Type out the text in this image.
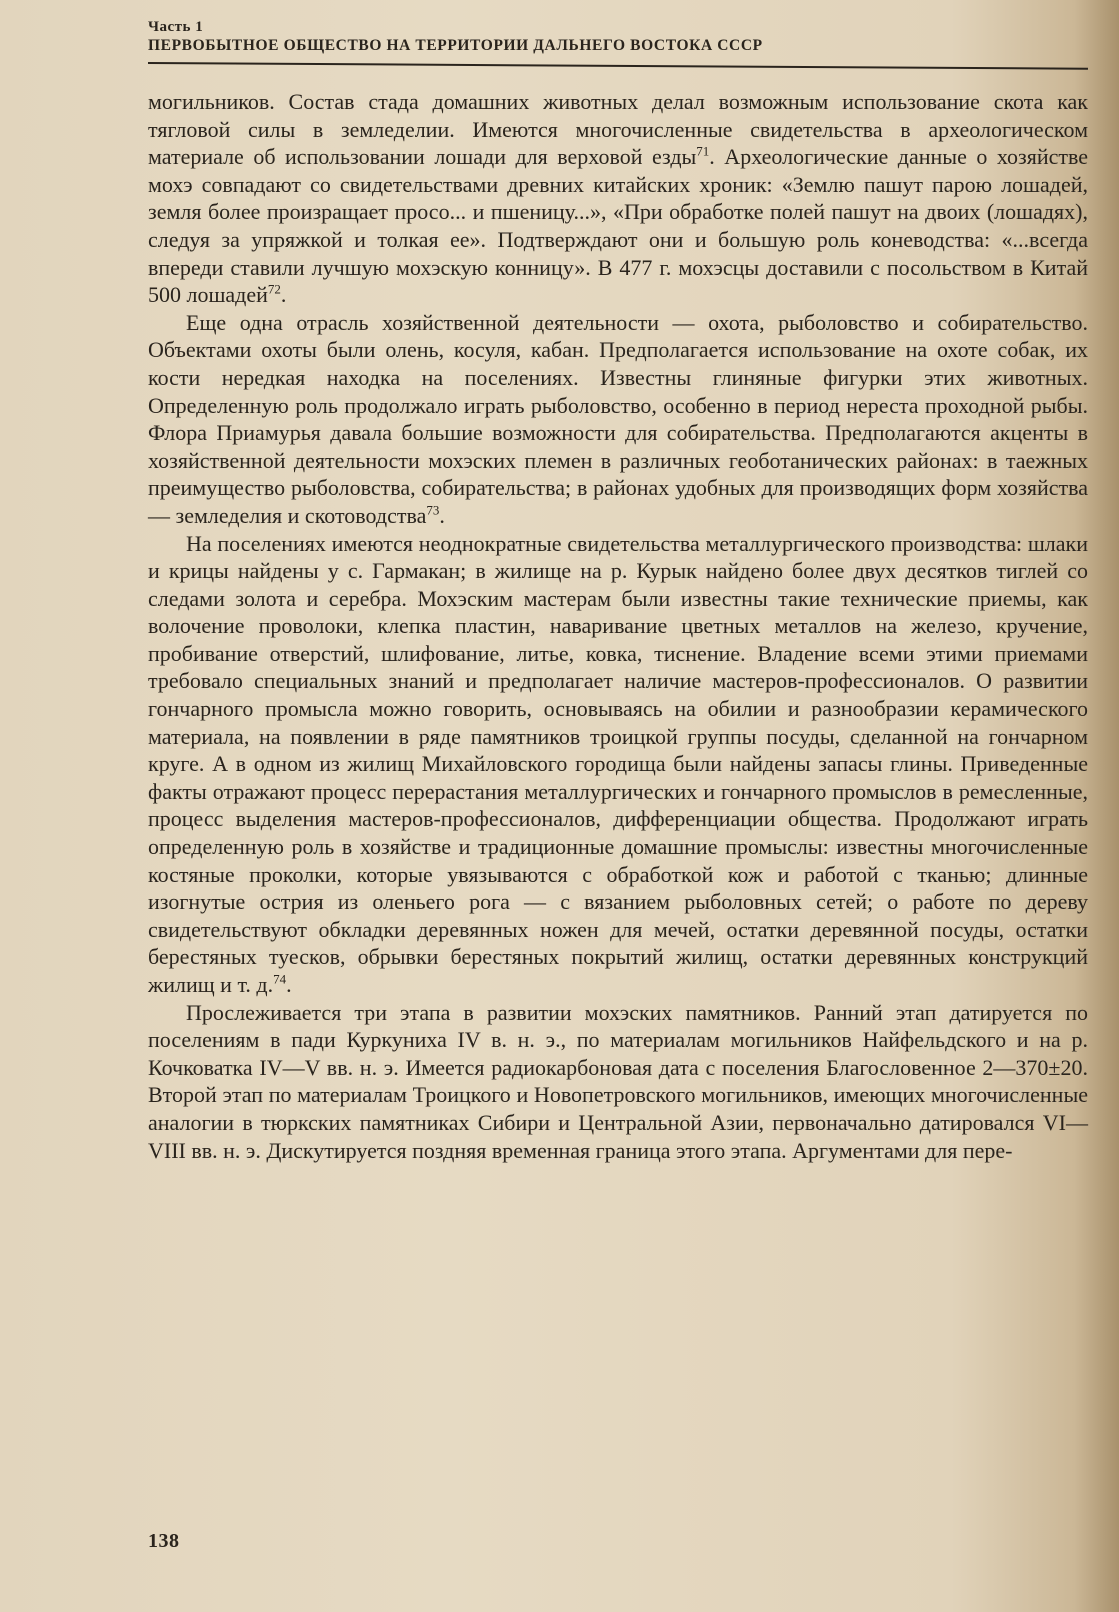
Часть 1
ПЕРВОБЫТНОЕ ОБЩЕСТВО НА ТЕРРИТОРИИ ДАЛЬНЕГО ВОСТОКА СССР

могильников. Состав стада домашних животных делал возможным использование скота как тягловой силы в земледелии. Имеются многочисленные свидетельства в археологическом материале об использовании лошади для верховой езды$^{71}$. Археологические данные о хозяйстве мохэ совпадают со свидетельствами древних китайских хроник: «Землю пашут парою лошадей, земля более произращает просо... и пшеницу...», «При обработке полей пашут на двоих (лошадях), следуя за упряжкой и толкая ее». Подтверждают они и большую роль коневодства: «...всегда впереди ставили лучшую мохэскую конницу». В 477 г. мохэсцы доставили с посольством в Китай 500 лошадей$^{72}$.

Еще одна отрасль хозяйственной деятельности — охота, рыболовство и собирательство. Объектами охоты были олень, косуля, кабан. Предполагается использование на охоте собак, их кости нередкая находка на поселениях. Известны глиняные фигурки этих животных. Определенную роль продолжало играть рыболовство, особенно в период нереста проходной рыбы. Флора Приамурья давала большие возможности для собирательства. Предполагаются акценты в хозяйственной деятельности мохэских племен в различных геоботанических районах: в таежных преимущество рыболовства, собирательства; в районах удобных для производящих форм хозяйства — земледелия и скотоводства$^{73}$.

На поселениях имеются неоднократные свидетельства металлургического производства: шлаки и крицы найдены у с. Гармакан; в жилище на р. Курык найдено более двух десятков тиглей со следами золота и серебра. Мохэским мастерам были известны такие технические приемы, как волочение проволоки, клепка пластин, наваривание цветных металлов на железо, кручение, пробивание отверстий, шлифование, литье, ковка, тиснение. Владение всеми этими приемами требовало специальных знаний и предполагает наличие мастеров-профессионалов. О развитии гончарного промысла можно говорить, основываясь на обилии и разнообразии керамического материала, на появлении в ряде памятников троицкой группы посуды, сделанной на гончарном круге. А в одном из жилищ Михайловского городища были найдены запасы глины. Приведенные факты отражают процесс перерастания металлургических и гончарного промыслов в ремесленные, процесс выделения мастеров-профессионалов, дифференциации общества. Продолжают играть определенную роль в хозяйстве и традиционные домашние промыслы: известны многочисленные костяные проколки, которые увязываются с обработкой кож и работой с тканью; длинные изогнутые острия из оленьего рога — с вязанием рыболовных сетей; о работе по дереву свидетельствуют обкладки деревянных ножен для мечей, остатки деревянной посуды, остатки берестяных туесков, обрывки берестяных покрытий жилищ, остатки деревянных конструкций жилищ и т. д.$^{74}$.

Прослеживается три этапа в развитии мохэских памятников. Ранний этап датируется по поселениям в пади Куркуниха IV в. н. э., по материалам могильников Найфельдского и на р. Кочковатка IV—V вв. н. э. Имеется радиокарбоновая дата с поселения Благословенное 2—370±20. Второй этап по материалам Троицкого и Новопетровского могильников, имеющих многочисленные аналогии в тюркских памятниках Сибири и Центральной Азии, первоначально датировался VI—VIII вв. н. э. Дискутируется поздняя временная граница этого этапа. Аргументами для пере-

138
